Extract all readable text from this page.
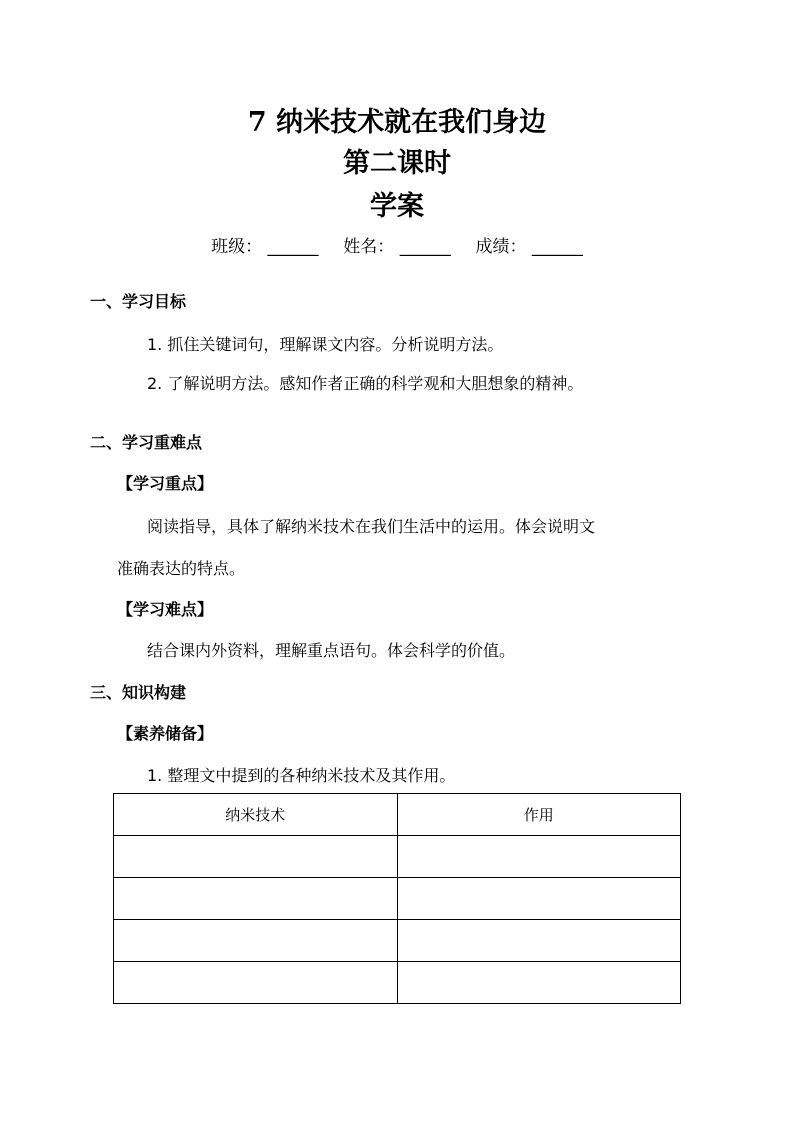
7 纳米技术就在我们身边
第二课时
学案
班级： ______ 姓名： ______ 成绩： ______
一、学习目标
1. 抓住关键词句，理解课文内容。分析说明方法。
2. 了解说明方法。感知作者正确的科学观和大胆想象的精神。
二、学习重难点
【学习重点】
阅读指导，具体了解纳米技术在我们生活中的运用。体会说明文
准确表达的特点。
【学习难点】
结合课内外资料，理解重点语句。体会科学的价值。
三、知识构建
【素养储备】
1. 整理文中提到的各种纳米技术及其作用。
纳米技术	作用
